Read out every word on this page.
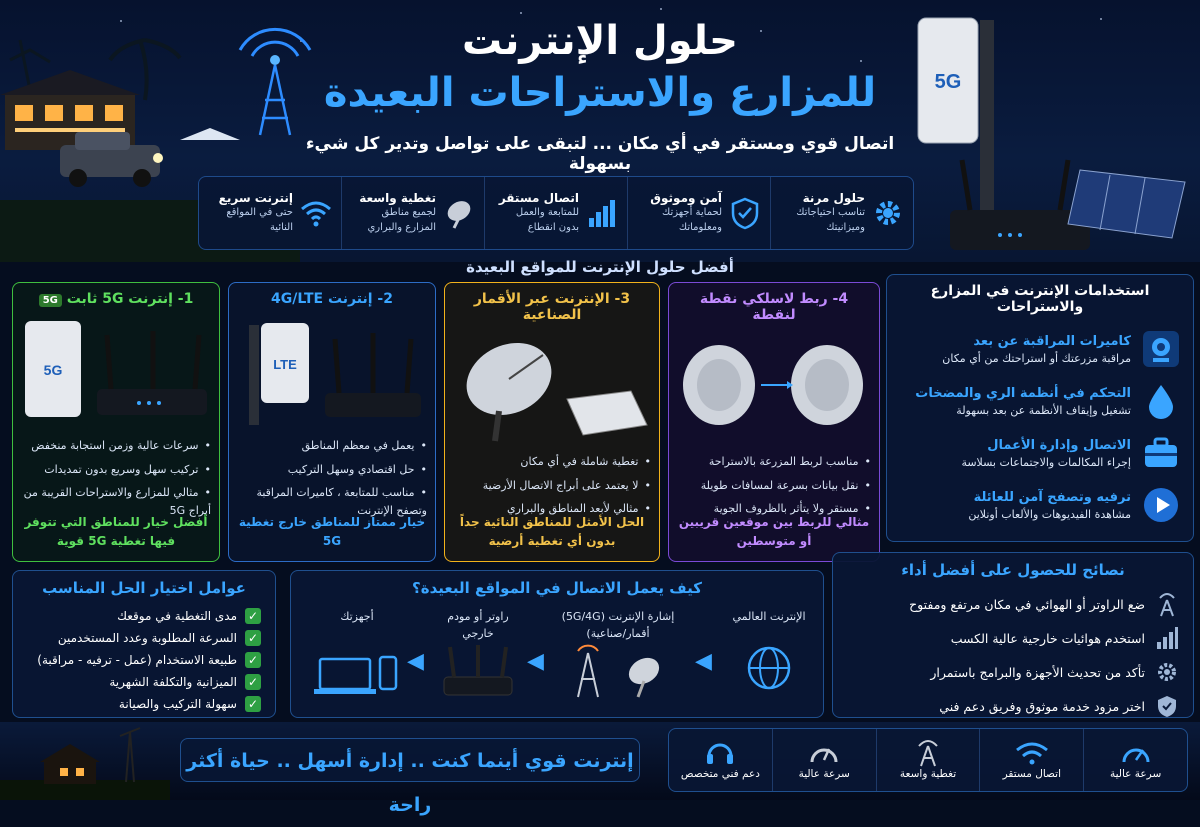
حلول الإنترنت
للمزارع والاستراحات البعيدة
اتصال قوي ومستقر في أي مكان ... لتبقى على تواصل وتدير كل شيء بسهولة
5G
حلول مرنة
تناسب احتياجاتك وميزانيتك
آمن وموثوق
لحماية أجهزتك ومعلوماتك
اتصال مستقر
للمتابعة والعمل بدون انقطاع
تغطية واسعة
لجميع مناطق المزارع والبراري
إنترنت سريع
حتى في المواقع النائية
أفضل حلول الإنترنت للمواقع البعيدة
1- إنترنت 5G ثابت 5G
5G
• سرعات عالية وزمن استجابة منخفض
• تركيب سهل وسريع بدون تمديدات
• مثالي للمزارع والاستراحات القريبة من أبراج 5G
أفضل خيار للمناطق التي تتوفر فيها تغطية 5G قوية
2- إنترنت 4G/LTE
LTE
• يعمل في معظم المناطق
• حل اقتصادي وسهل التركيب
• مناسب للمتابعة ، كاميرات المراقبة وتصفح الإنترنت
خيار ممتاز للمناطق خارج تغطية 5G
3- الإنترنت عبر الأقمار الصناعية
• تغطية شاملة في أي مكان
• لا يعتمد على أبراج الاتصال الأرضية
• مثالي لأبعد المناطق والبراري
الحل الأمثل للمناطق النائية جداً بدون أي تغطية أرضية
4- ربط لاسلكي نقطة لنقطة
• مناسب لربط المزرعة بالاستراحة
• نقل بيانات بسرعة لمسافات طويلة
• مستقر ولا يتأثر بالظروف الجوية
مثالي للربط بين موقعين قريبين أو متوسطين
استخدامات الإنترنت في المزارع والاستراحات
كاميرات المراقبة عن بعد
مراقبة مزرعتك أو استراحتك من أي مكان
التحكم في أنظمة الري والمضخات
تشغيل وإيقاف الأنظمة عن بعد بسهولة
الاتصال وإدارة الأعمال
إجراء المكالمات والاجتماعات بسلاسة
ترفيه وتصفح آمن للعائلة
مشاهدة الفيديوهات والألعاب أونلاين
عوامل اختيار الحل المناسب
✓
مدى التغطية في موقعك
✓
السرعة المطلوبة وعدد المستخدمين
✓
طبيعة الاستخدام (عمل - ترفيه - مراقبة)
✓
الميزانية والتكلفة الشهرية
✓
سهولة التركيب والصيانة
كيف يعمل الاتصال في المواقع البعيدة؟
الإنترنت العالمي
◀
إشارة الإنترنت (5G/4G) أقمار/صناعية)
◀
راوتر أو مودم خارجي
◀
أجهزتك
نصائح للحصول على أفضل أداء
ضع الراوتر أو الهوائي في مكان مرتفع ومفتوح
استخدم هوائيات خارجية عالية الكسب
تأكد من تحديث الأجهزة والبرامج باستمرار
اختر مزود خدمة موثوق وفريق دعم فني
إنترنت قوي أينما كنت .. إدارة أسهل .. حياة أكثر راحة
سرعة عالية
اتصال مستقر
تغطية واسعة
سرعة عالية
دعم فني متخصص
